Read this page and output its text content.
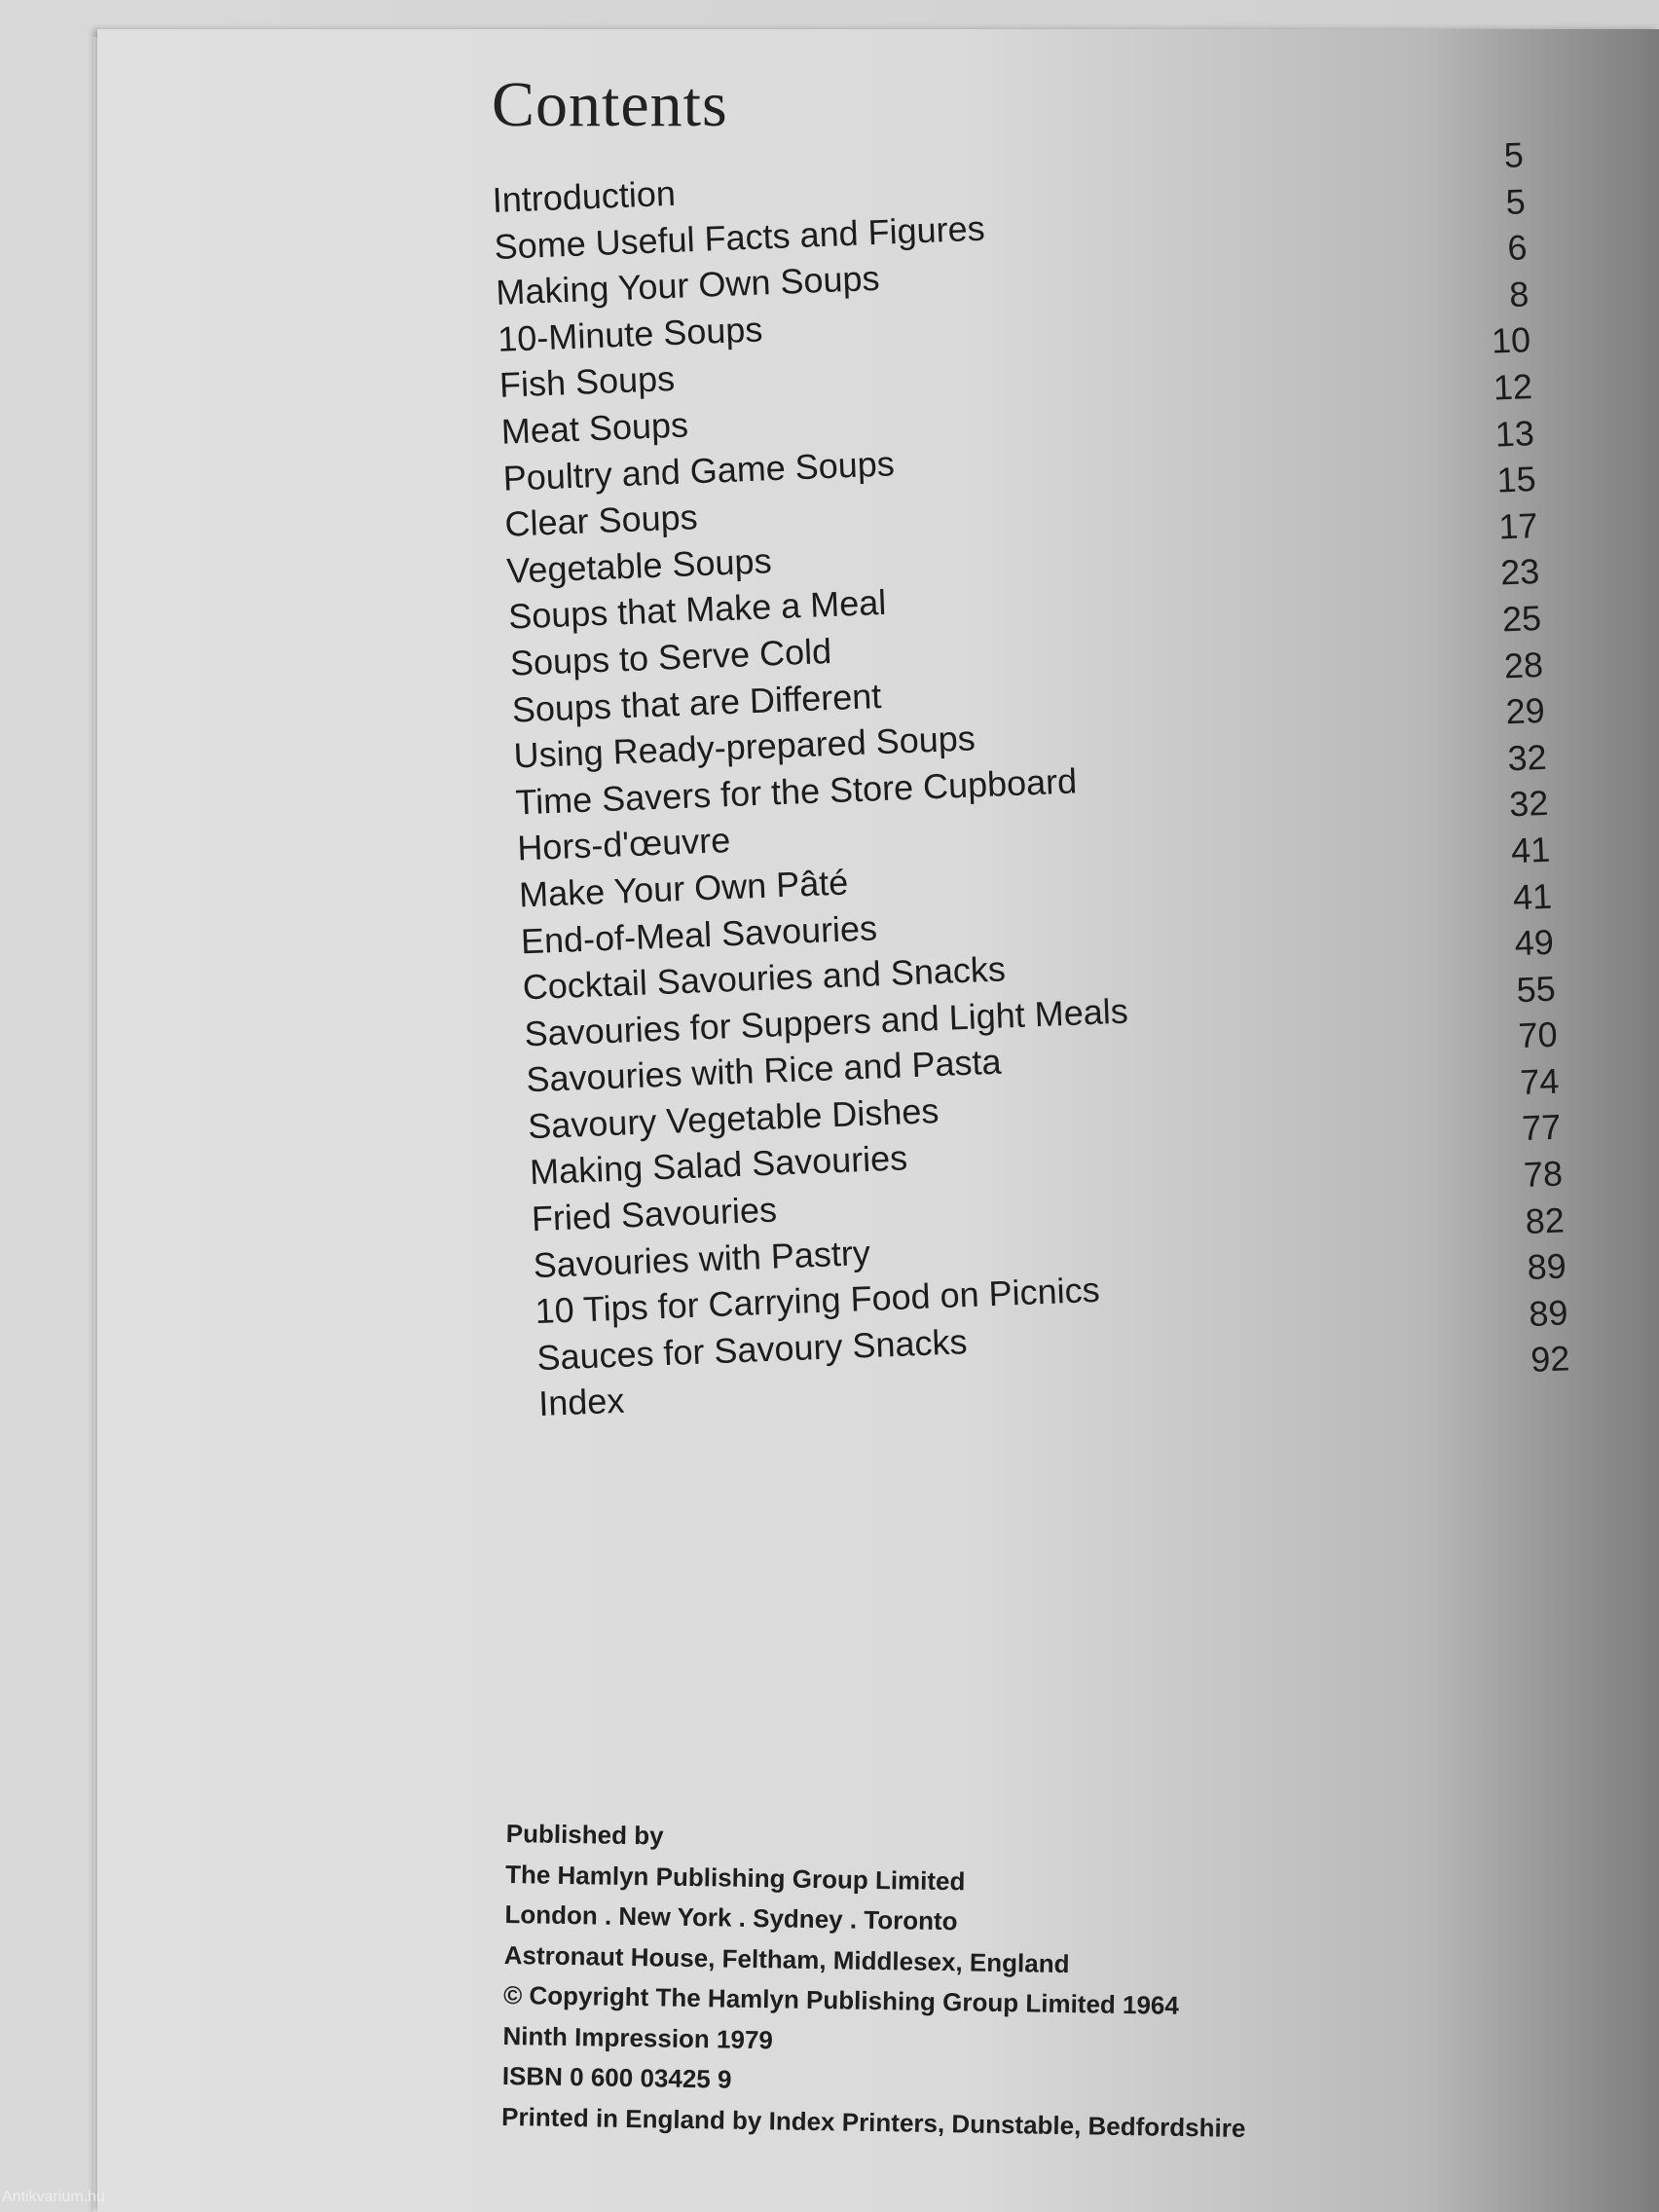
Contents
Introduction
5
Some Useful Facts and Figures
5
Making Your Own Soups
6
10-Minute Soups
8
Fish Soups
10
Meat Soups
12
Poultry and Game Soups
13
Clear Soups
15
Vegetable Soups
17
Soups that Make a Meal
23
Soups to Serve Cold
25
Soups that are Different
28
Using Ready-prepared Soups
29
Time Savers for the Store Cupboard
32
Hors-d'œuvre
32
Make Your Own Pâté
41
End-of-Meal Savouries
41
Cocktail Savouries and Snacks
49
Savouries for Suppers and Light Meals
55
Savouries with Rice and Pasta
70
Savoury Vegetable Dishes
74
Making Salad Savouries
77
Fried Savouries
78
Savouries with Pastry
82
10 Tips for Carrying Food on Picnics
89
Sauces for Savoury Snacks
89
Index
92
Published by
The Hamlyn Publishing Group Limited
London . New York . Sydney . Toronto
Astronaut House, Feltham, Middlesex, England
© Copyright The Hamlyn Publishing Group Limited 1964
Ninth Impression 1979
ISBN 0 600 03425 9
Printed in England by Index Printers, Dunstable, Bedfordshire
Antikvarium.hu
